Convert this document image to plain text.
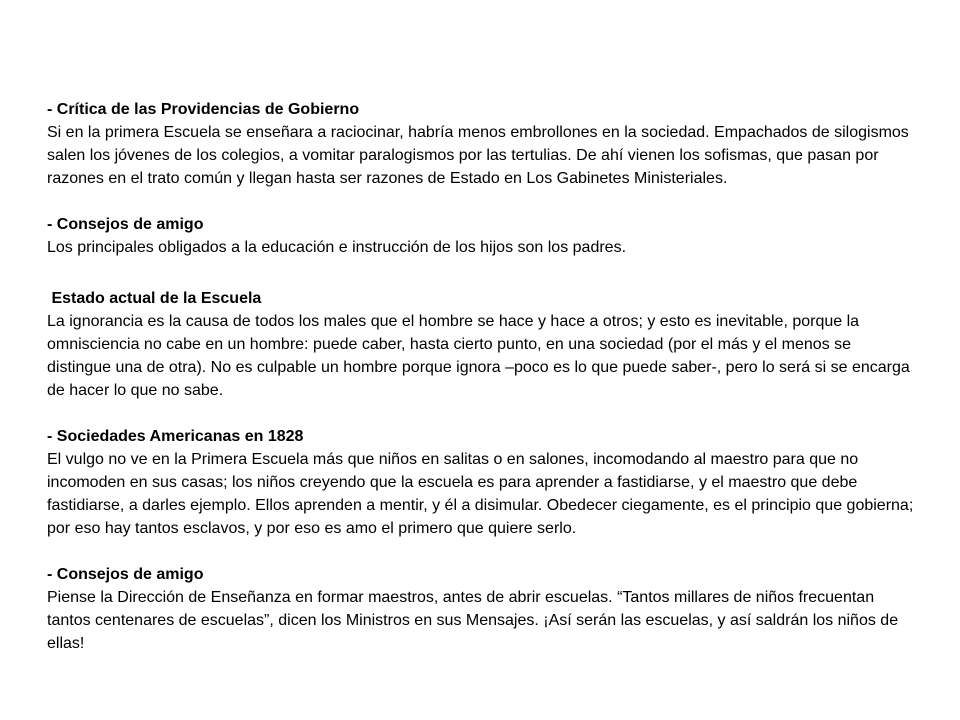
- Crítica de las Providencias de Gobierno
Si en la primera Escuela se enseñara a raciocinar, habría menos embrollones en la sociedad. Empachados de silogismos salen los jóvenes de los colegios, a vomitar paralogismos por las tertulias. De ahí vienen los sofismas, que pasan por razones en el trato común y llegan hasta ser razones de Estado en Los Gabinetes Ministeriales.
- Consejos de amigo
Los principales obligados a la educación e instrucción de los hijos son los padres.
Estado actual de la Escuela
La ignorancia es la causa de todos los males que el hombre se hace y hace a otros; y esto es inevitable, porque la omnisciencia no cabe en un hombre: puede caber, hasta cierto punto, en una sociedad (por el más y el menos se distingue una de otra). No es culpable un hombre porque ignora –poco es lo que puede saber-, pero lo será si se encarga de hacer lo que no sabe.
- Sociedades Americanas en 1828
El vulgo no ve en la Primera Escuela más que niños en salitas o en salones, incomodando al maestro para que no incomoden en sus casas; los niños creyendo que la escuela es para aprender a fastidiarse, y el maestro que debe fastidiarse, a darles ejemplo. Ellos aprenden a mentir, y él a disimular. Obedecer ciegamente, es el principio que gobierna; por eso hay tantos esclavos, y por eso es amo el primero que quiere serlo.
- Consejos de amigo
Piense la Dirección de Enseñanza en formar maestros, antes de abrir escuelas. “Tantos millares de niños frecuentan tantos centenares de escuelas”, dicen los Ministros en sus Mensajes. ¡Así serán las escuelas, y así saldrán los niños de ellas!
